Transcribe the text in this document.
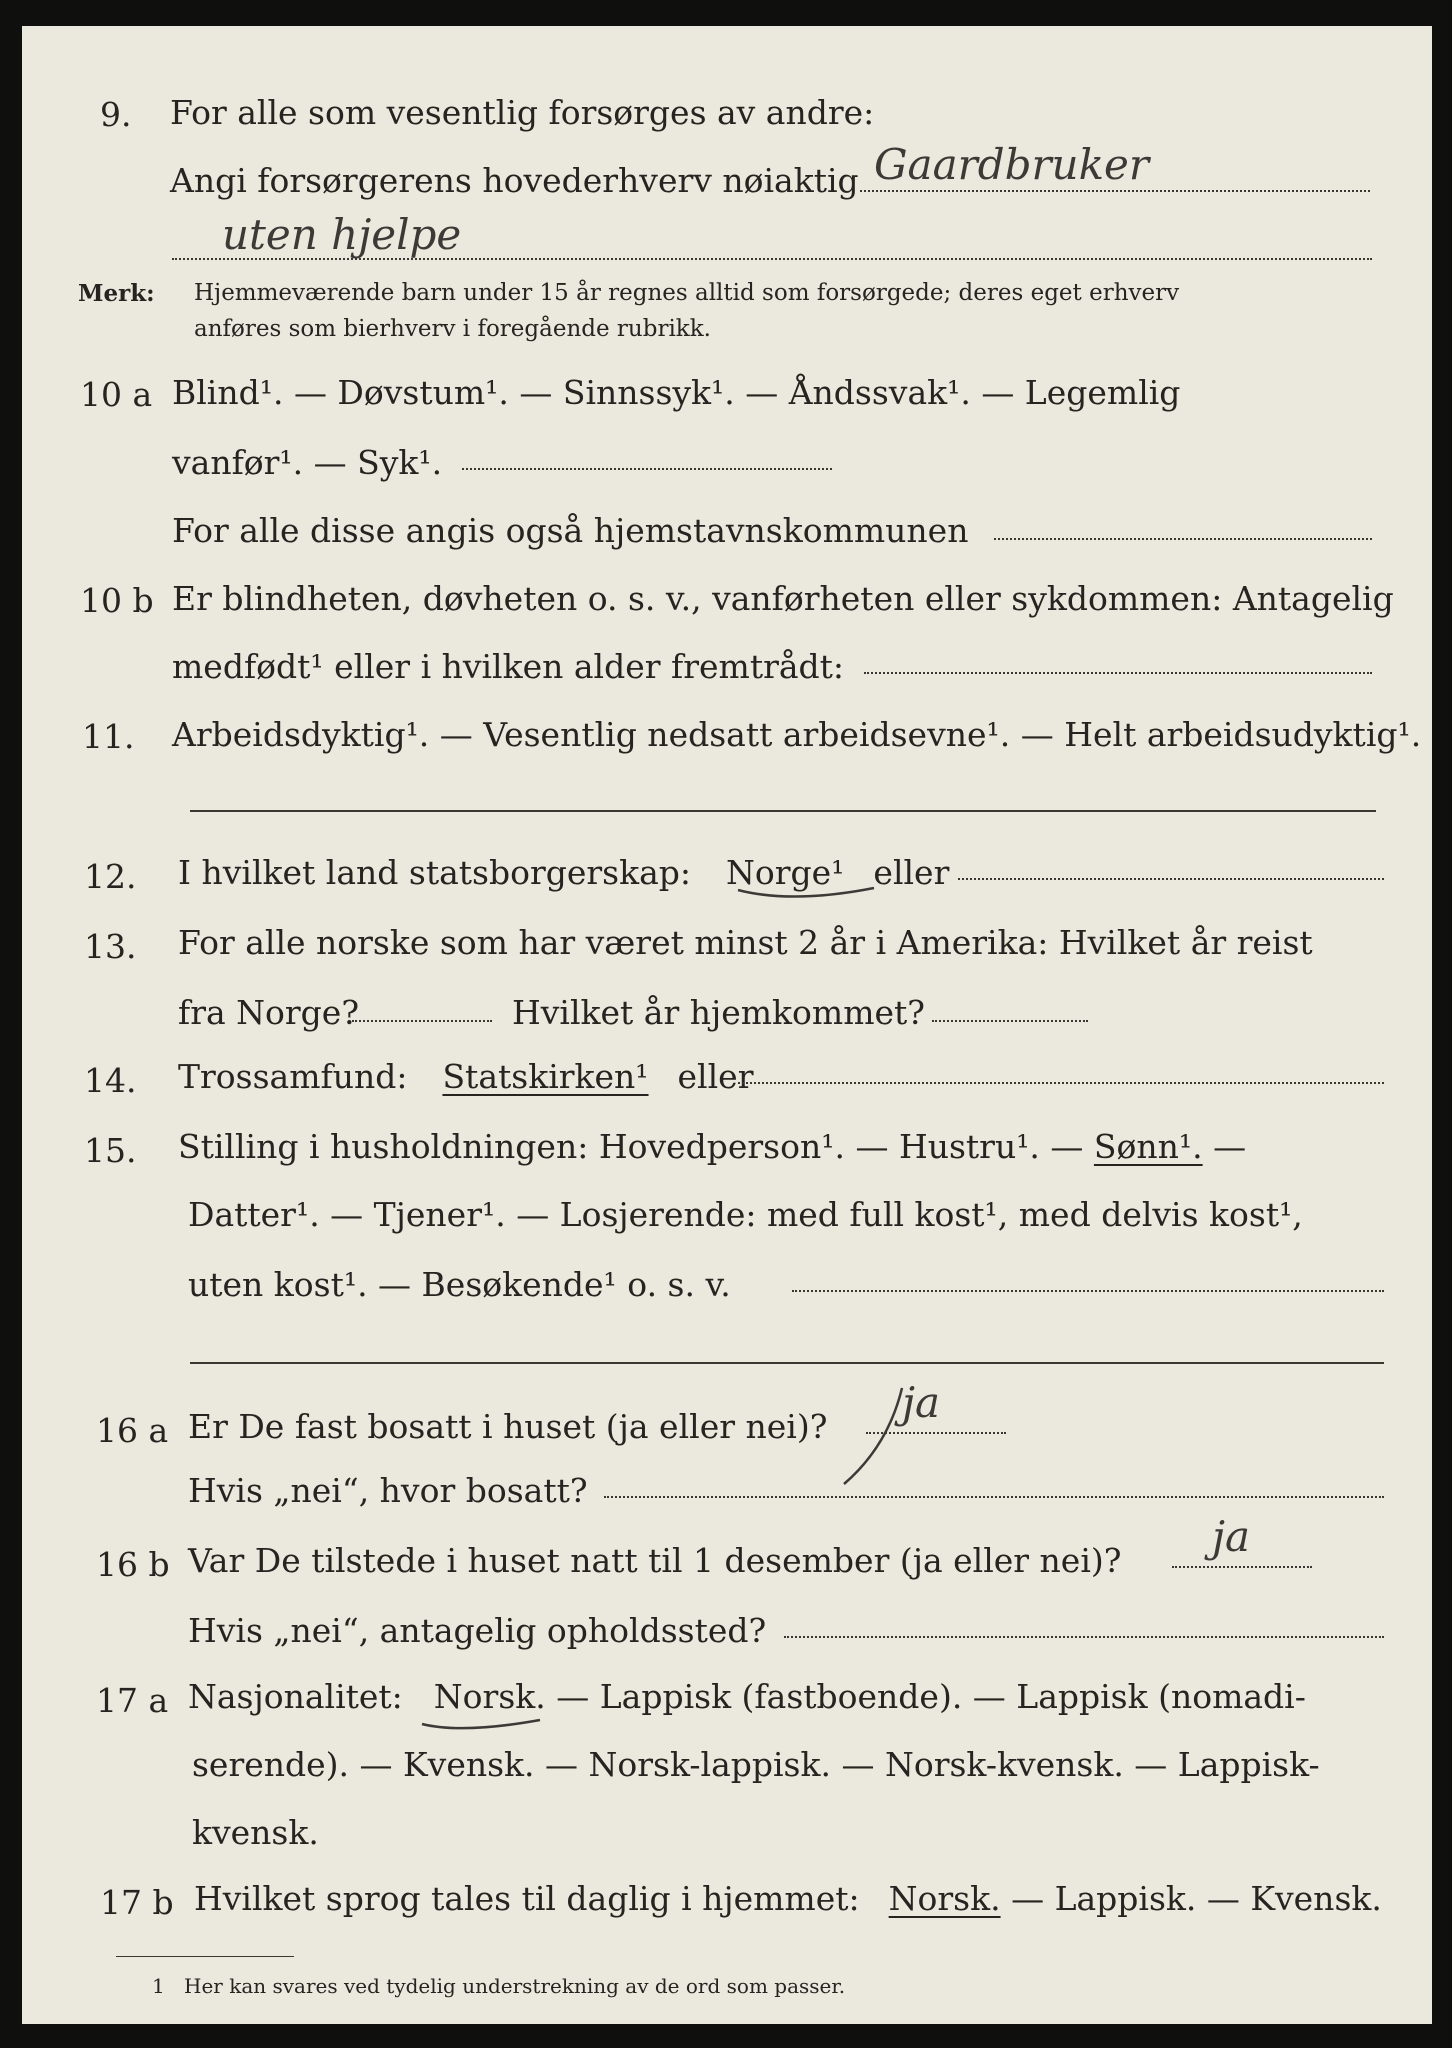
9. For alle som vesentlig forsørges av andre:
Angi forsørgerens hovederhverv nøiaktig Gaardbruker
uten hjelpe
Merk: Hjemmeværende barn under 15 år regnes alltid som forsørgede; deres eget erhverv
anføres som bierhverv i foregående rubrikk.
10 a Blind¹. — Døvstum¹. — Sinnssyk¹. — Åndssvak¹. — Legemlig
vanfør¹. — Syk¹.
For alle disse angis også hjemstavnskommunen
10 b Er blindheten, døvheten o. s. v., vanførheten eller sykdommen: Antagelig
medfødt¹ eller i hvilken alder fremtrådt:
11. Arbeidsdyktig¹. — Vesentlig nedsatt arbeidsevne¹. — Helt arbeidsudyktig¹.
12. I hvilket land statsborgerskap: Norge¹ eller
13. For alle norske som har været minst 2 år i Amerika: Hvilket år reist
fra Norge?	Hvilket år hjemkommet?
14. Trossamfund: Statskirken¹ eller
15. Stilling i husholdningen: Hovedperson¹. — Hustru¹. — Sønn¹. —
Datter¹. — Tjener¹. — Losjerende: med full kost¹, med delvis kost¹,
uten kost¹. — Besøkende¹ o. s. v.
16 a Er De fast bosatt i huset (ja eller nei)? ja
Hvis „nei“, hvor bosatt?
16 b Var De tilstede i huset natt til 1 desember (ja eller nei)? ja
Hvis „nei“, antagelig opholdssted?
17 a Nasjonalitet: Norsk. — Lappisk (fastboende). — Lappisk (nomadi-
serende). — Kvensk. — Norsk-lappisk. — Norsk-kvensk. — Lappisk-
kvensk.
17 b Hvilket sprog tales til daglig i hjemmet: Norsk. — Lappisk. — Kvensk.
1 Her kan svares ved tydelig understrekning av de ord som passer.
